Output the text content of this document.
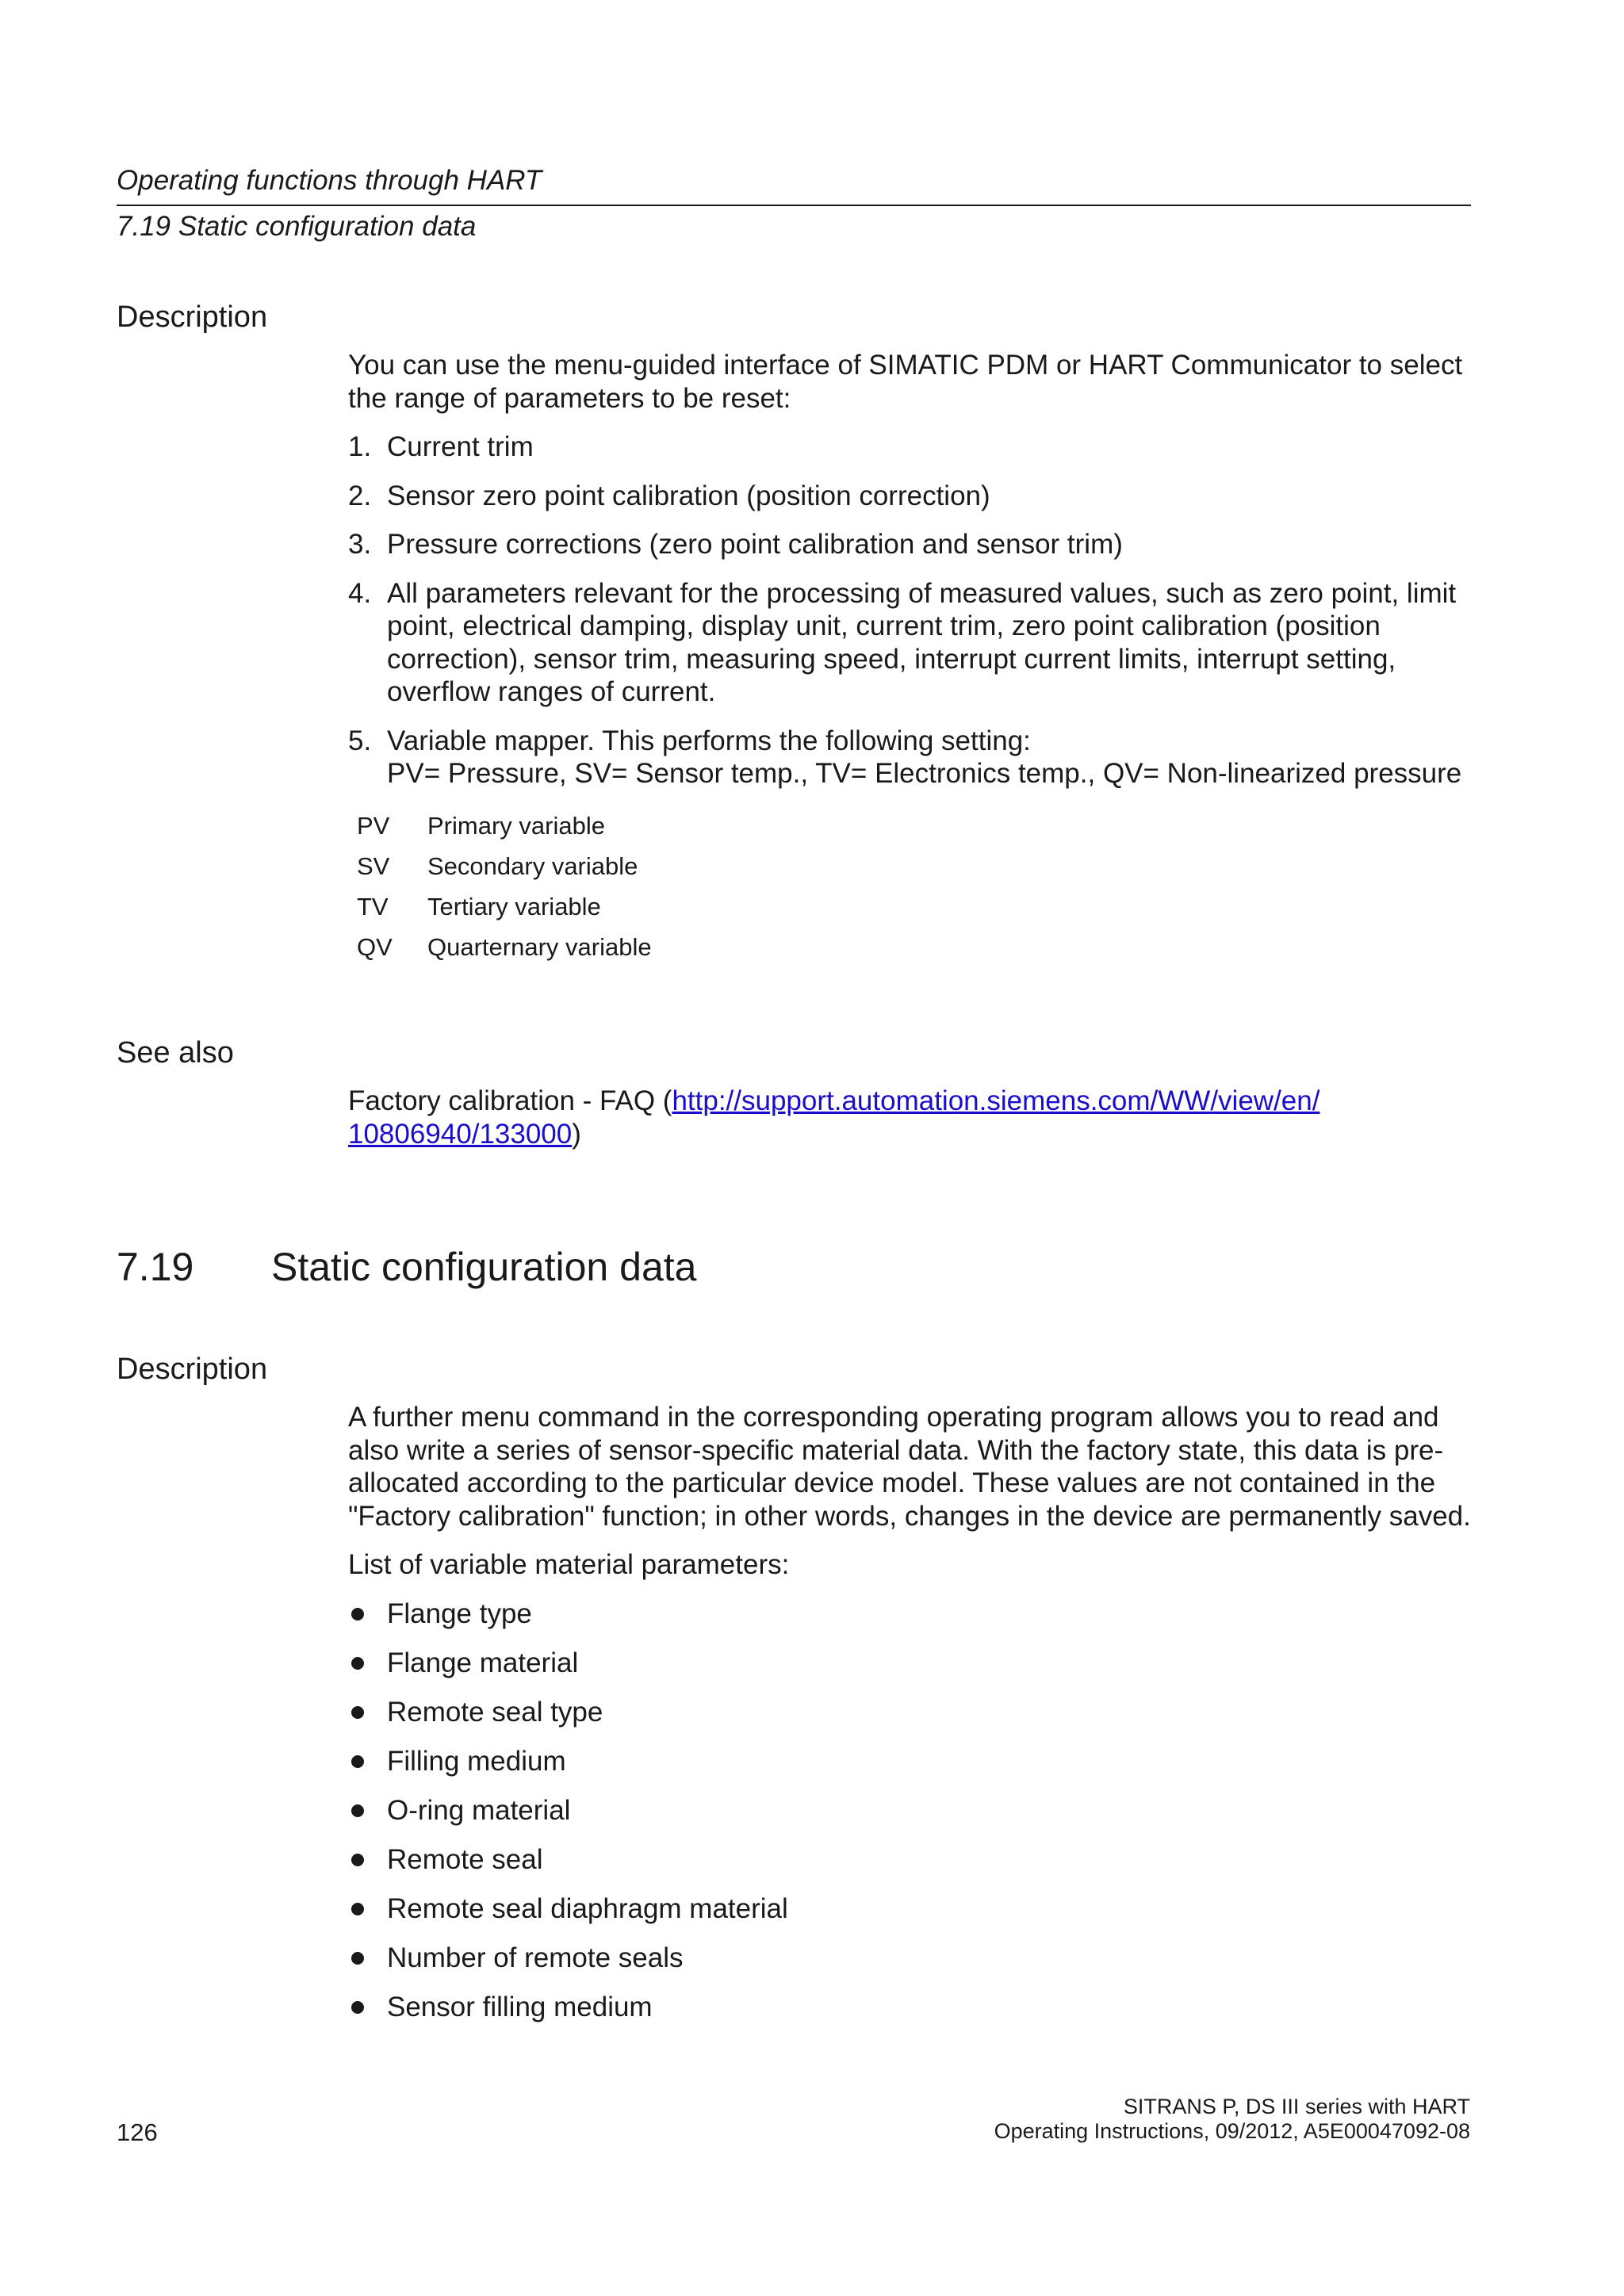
Operating functions through HART
7.19 Static configuration data
Description

You can use the menu-guided interface of SIMATIC PDM or HART Communicator to select the range of parameters to be reset:

1. Current trim
2. Sensor zero point calibration (position correction)
3. Pressure corrections (zero point calibration and sensor trim)
4. All parameters relevant for the processing of measured values, such as zero point, limit point, electrical damping, display unit, current trim, zero point calibration (position correction), sensor trim, measuring speed, interrupt current limits, interrupt setting, overflow ranges of current.
5. Variable mapper. This performs the following setting:
PV= Pressure, SV= Sensor temp., TV= Electronics temp., QV= Non-linearized pressure
PV Primary variable
SV Secondary variable
TV Tertiary variable
QV Quarternary variable
See also
Factory calibration - FAQ (http://support.automation.siemens.com/WW/view/en/
10806940/133000)
7.19 Static configuration data
Description

A further menu command in the corresponding operating program allows you to read and also write a series of sensor-specific material data. With the factory state, this data is pre-allocated according to the particular device model. These values are not contained in the "Factory calibration" function; in other words, changes in the device are permanently saved.

List of variable material parameters:

Flange type
Flange material
Remote seal type
Filling medium
O-ring material
Remote seal
Remote seal diaphragm material
Number of remote seals
Sensor filling medium
126
SITRANS P, DS III series with HART
Operating Instructions, 09/2012, A5E00047092-08
